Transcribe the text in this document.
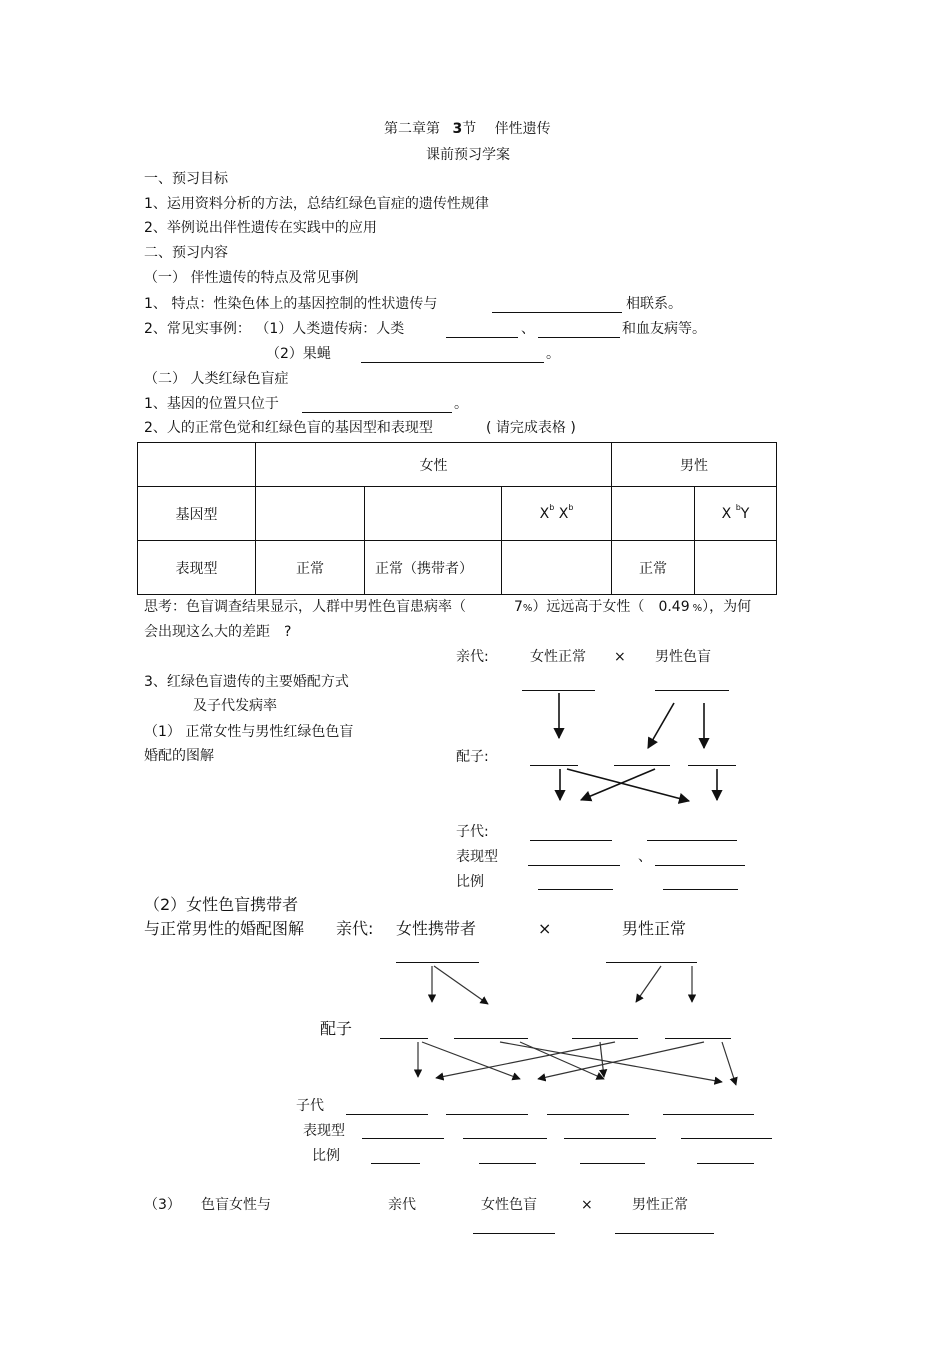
第二章第 3节 伴性遗传
课前预习学案
一、预习目标
1、运用资料分析的方法，总结红绿色盲症的遗传性规律
2、举例说出伴性遗传在实践中的应用
二、预习内容
（一） 伴性遗传的特点及常见事例
1、 特点：性染色体上的基因控制的性状遗传与	相联系。
2、常见实事例： （1）人类遗传病：人类	、	和血友病等。
（2）果蝇	。
（二） 人类红绿色盲症
1、基因的位置只位于	。
2、人的正常色觉和红绿色盲的基因型和表现型	( 请完成表格 )
	女性			男性	
基因型			$X^b$ $X^b$		X $^b$Y
表现型	正常	正常（携带者）		正常	
思考：色盲调查结果显示，人群中男性色盲患病率（	7%）远远高于女性（ 0.49 %），为何
会出现这么大的差距 ?
亲代:	女性正常 × 男性色盲
3、红绿色盲遗传的主要婚配方式
及子代发病率
（1） 正常女性与男性红绿色色盲
婚配的图解	配子:
子代:
表现型	、
比例
（2）女性色盲携带者
与正常男性的婚配图解 亲代: 女性携带者	×	男性正常
配子
子代
表现型
比例
（3） 色盲女性与	亲代	女性色盲	×	男性正常
